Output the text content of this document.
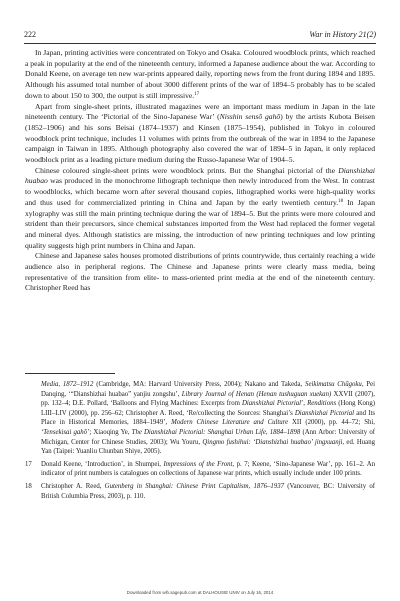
222	War in History 21(2)

In Japan, printing activities were concentrated on Tokyo and Osaka. Coloured woodblock prints, which reached a peak in popularity at the end of the nineteenth century, informed a Japanese audience about the war. According to Donald Keene, on average ten new war-prints appeared daily, reporting news from the front during 1894 and 1895. Although his assumed total number of about 3000 different prints of the war of 1894–5 probably has to be scaled down to about 150 to 300, the output is still impressive.$^{17}$

Apart from single-sheet prints, illustrated magazines were an important mass medium in Japan in the late nineteenth century. The ‘Pictorial of the Sino-Japanese War’ (Nisshin sensō gahō) by the artists Kubota Beisen (1852–1906) and his sons Beisai (1874–1937) and Kinsen (1875–1954), published in Tokyo in coloured woodblock print technique, includes 11 volumes with prints from the outbreak of the war in 1894 to the Japanese campaign in Taiwan in 1895. Although photography also covered the war of 1894–5 in Japan, it only replaced woodblock print as a leading picture medium during the Russo-Japanese War of 1904–5.

Chinese coloured single-sheet prints were woodblock prints. But the Shanghai pictorial of the Dianshizhai huabao was produced in the monochrome lithograph technique then newly introduced from the West. In contrast to woodblocks, which became worn after several thousand copies, lithographed works were high-quality works and thus used for commercialized printing in China and Japan by the early twentieth century.$^{18}$ In Japan xylography was still the main printing technique during the war of 1894–5. But the prints were more coloured and strident than their precursors, since chemical substances imported from the West had replaced the former vegetal and mineral dyes. Although statistics are missing, the introduction of new printing techniques and low printing quality suggests high print numbers in China and Japan.

Chinese and Japanese sales houses promoted distributions of prints countrywide, thus certainly reaching a wide audience also in peripheral regions. The Chinese and Japanese prints were clearly mass media, being representative of the transition from elite- to mass-oriented print media at the end of the nineteenth century. Christopher Reed has

Media, 1872–1912 (Cambridge, MA: Harvard University Press, 2004); Nakano and Takeda, Seikimatsu Chūgoku, Pei Danqing, ‘“Dianshizhai huabao” yanjiu zongshu’, Library Journal of Henan (Henan tushuguan xuekan) XXVII (2007), pp. 132–4; D.E. Pollard, ‘Balloons and Flying Machines: Excerpts from Dianshizhai Pictorial’, Renditions (Hong Kong) LIII–LIV (2000), pp. 256–62; Christopher A. Reed, ‘Re/collecting the Sources: Shanghai’s Dianshizhai Pictorial and Its Place in Historical Memories, 1884–1949’, Modern Chinese Literature and Culture XII (2000), pp. 44–72; Shi, ‘Tensekisai gahō’; Xiaoqing Ye, The Dianshizhai Pictorial: Shanghai Urban Life, 1884–1898 (Ann Arbor: University of Michigan, Center for Chinese Studies, 2003); Wu Youru, Qingmo fushihui: ‘Dianshizhai huabao’ jingxuanji, ed. Huang Yan (Taipei: Yuanliu Chunban Shiye, 2005).
17 Donald Keene, ‘Introduction’, in Shumpei, Impressions of the Front, p. 7; Keene, ‘Sino-Japanese War’, pp. 161–2. An indicator of print numbers is catalogues on collections of Japanese war prints, which usually include under 100 prints.
18 Christopher A. Reed, Gutenberg in Shanghai: Chinese Print Capitalism, 1876–1937 (Vancouver, BC: University of British Columbia Press, 2003), p. 110.
Downloaded from wih.sagepub.com at DALHOUSIE UNIV on July 16, 2014
